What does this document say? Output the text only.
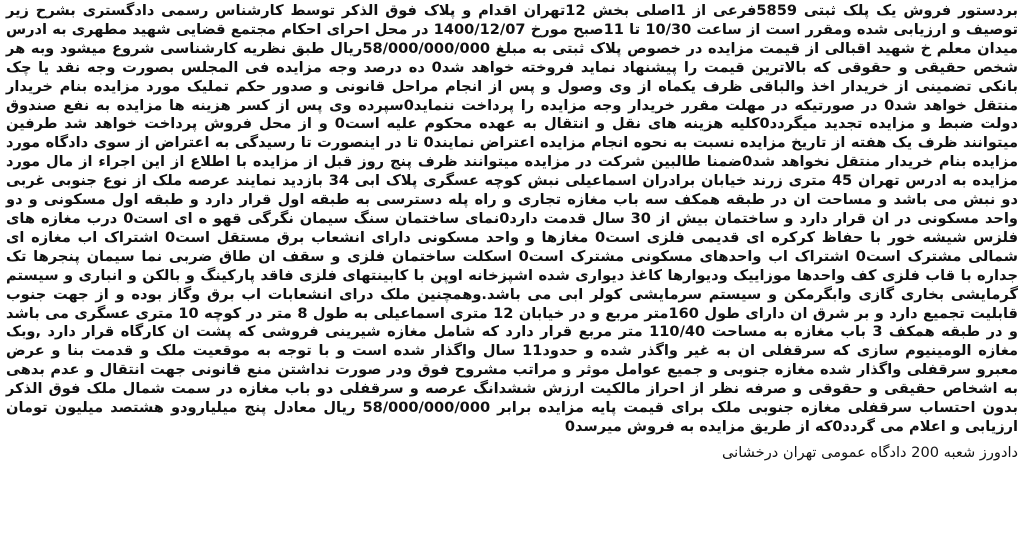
بردستور فروش یک پلک ثبتی 5859فرعی از 1اصلی بخش 12تهران اقدام و پلاک فوق الذکر توسط کارشناس رسمی دادگستری بشرح زیر توصیف و ارزیابی شده ومقرر است از ساعت 10/30 تا 11صبح مورخ 1400/12/07 در محل احرای احکام مجتمع قضایی شهید مطهری به ادرس میدان معلم خ شهید اقبالی از قیمت مزایده در خصوص پلاک ثبتی به مبلغ 58/000/000/000ریال طبق نظریه کارشناسی شروع میشود وبه هر شخص حقیقی و حقوقی که بالاترین قیمت را پیشنهاد نماید فروخته خواهد شد0 ده درصد وجه مزایده فی المجلس بصورت وجه نقد یا چک بانکی تضمینی از خریدار اخذ والباقی ظرف یکماه از وی وصول و پس از انجام مراحل قانونی و صدور حکم تملیک مورد مزایده بنام خریدار منتقل خواهد شد0 در صورتیکه در مهلت مقرر خریدار وجه مزایده را پرداخت ننماید0سپرده وی پس از کسر هزینه ها مزایده به نفع صندوق دولت ضبط و مزایده تجدید میگردد0کلیه هزینه های نقل و انتقال به عهده محکوم علیه است0 و از محل فروش پرداخت خواهد شد طرفین میتوانند ظرف یک هفته از تاریخ مزایده نسبت به نحوه انجام مزایده اعتراض نمایند0 تا در اینصورت تا رسیدگی به اعتراض از سوی دادگاه مورد مزایده بنام خریدار منتقل نخواهد شد0ضمنا طالبین شرکت در مزایده میتوانند ظرف پنج روز قبل از مزایده با اطلاع از این اجراء از مال مورد مزایده به ادرس تهران 45 متری زرند خیابان برادران اسماعیلی نبش کوچه عسگری پلاک ابی 34 بازدید نمایند عرصه ملک از نوع جنوبی غربی دو نبش می باشد و مساحت ان در طبقه همکف سه باب مغازه تجاری و راه پله دسترسی به طبقه اول قرار دارد و طبقه اول مسکونی و دو واحد مسکونی در ان قرار دارد و ساختمان بیش از 30 سال قدمت دارد0نمای ساختمان سنگ سیمان نگرگی قهو ه ای است0 درب مغازه های فلزس شیشه خور با حفاظ کرکره ای قدیمی فلزی است0 مغازها و واحد مسکونی دارای انشعاب برق مستقل است0 اشتراک اب مغازه ای شمالی مشترک است0 اشتراک اب واحدهای مسکونی مشترک است0 اسکلت ساختمان فلزی و سقف ان طاق ضربی نما سیمان پنجرها تک جداره با قاب فلزی کف واحدها موزاییک ودیوارها کاغذ دیواری شده اشپزخانه اوپن با کابینتهای فلزی فاقد پارکینگ و بالکن و انباری و سیستم گرمایشی بخاری گازی وابگرمکن و سیستم سرمایشی کولر ابی می باشد.وهمچنین ملک درای انشعابات اب برق وگاز بوده و از جهت جنوب قابلیت تجمیع دارد و بر شرق ان دارای طول 160متر مربع و در خیابان 12 متری اسماعیلی به طول 8 متر در کوچه 10 متری عسگری می باشد و در طبقه همکف 3 باب مغازه به مساحت 110/40 متر مربع قرار دارد که شامل مغازه شیرینی فروشی که پشت ان کارگاه قرار دارد ,وبک مغازه الومینیوم سازی که سرقفلی ان به غیر واگذر شده و حدود11 سال واگذار شده است و با توجه به موقعیت ملک و قدمت بنا و عرض معبرو سرقفلی واگذار شده مغازه جنوبی و جمیع عوامل موثر و مراتب مشروح فوق ودر صورت نداشتن منع قانونی جهت انتقال و عدم بدهی به اشخاص حقیقی و حقوقی و صرفه نظر از احراز مالکیت ارزش ششدانگ عرصه و سرقفلی دو باب مغازه در سمت شمال ملک فوق الذکر بدون احتساب سرقفلی مغازه جنوبی ملک برای قیمت پایه مزایده برابر 58/000/000/000 ریال معادل پنج میلیارودو هشتصد میلیون تومان ارزیابی و اعلام می گردد0که از طریق مزایده به فروش میرسد0

دادورز شعبه 200 دادگاه عمومی تهران درخشانی
